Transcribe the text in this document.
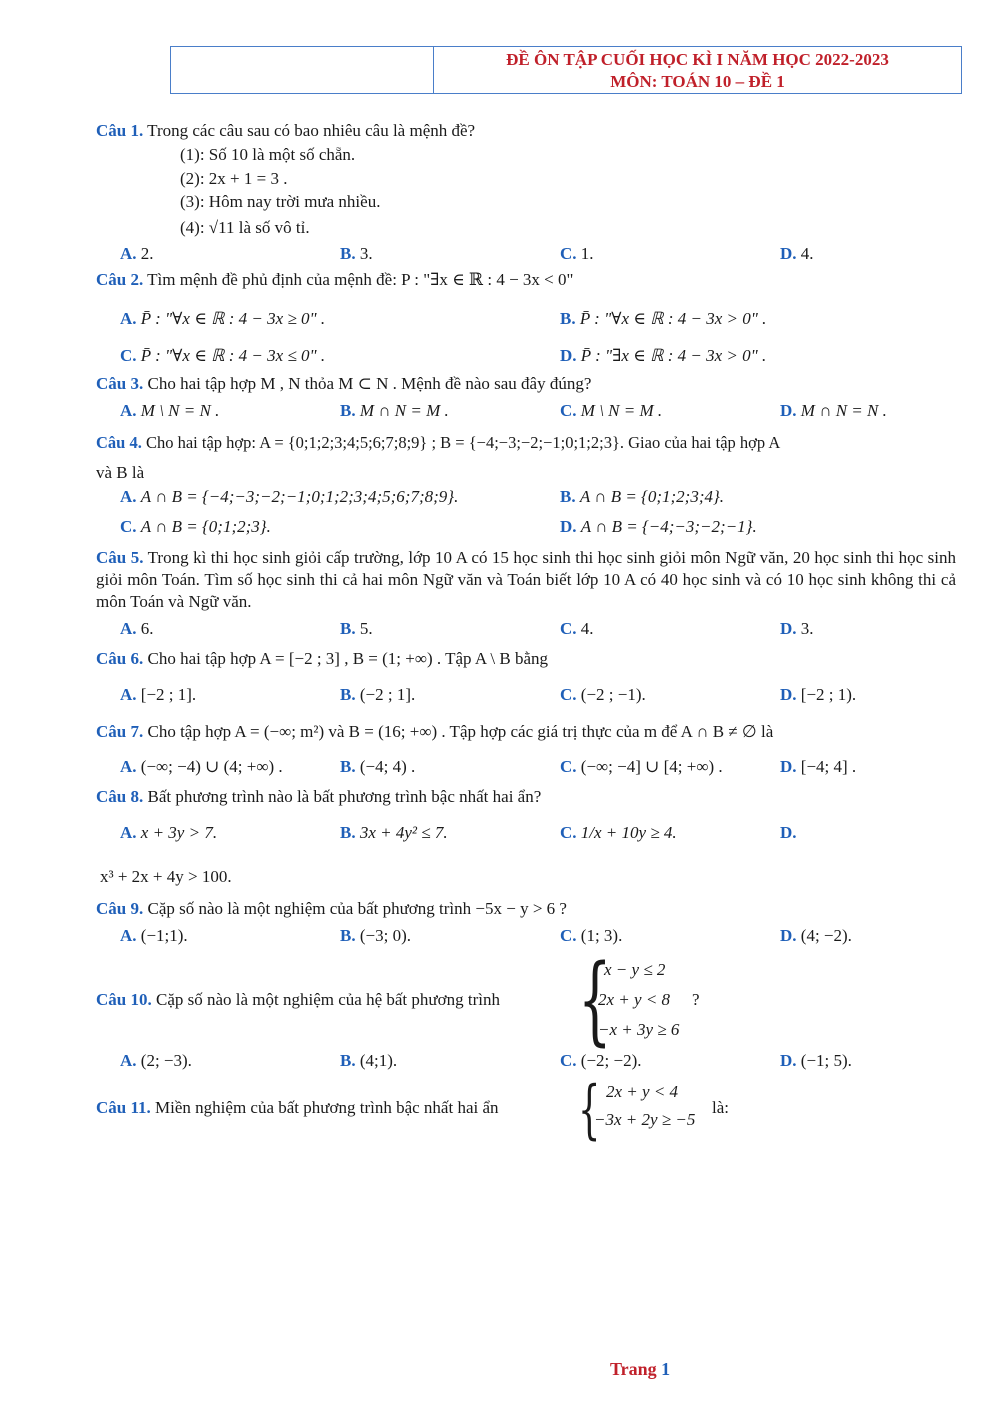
ĐỀ ÔN TẬP CUỐI HỌC KÌ I NĂM HỌC 2022-2023
MÔN: TOÁN 10 – ĐỀ 1
Câu 1. Trong các câu sau có bao nhiêu câu là mệnh đề?
(1): Số 10 là một số chẵn.
(2): 2x + 1 = 3 .
(3): Hôm nay trời mưa nhiều.
(4): √11 là số vô tỉ.
A. 2.	B. 3.	C. 1.	D. 4.
Câu 2. Tìm mệnh đề phủ định của mệnh đề: P : "∃x ∈ ℝ : 4 − 3x < 0"
A. P̄ : "∀x ∈ ℝ : 4 − 3x ≥ 0" .	B. P̄ : "∀x ∈ ℝ : 4 − 3x > 0" .
C. P̄ : "∀x ∈ ℝ : 4 − 3x ≤ 0" .	D. P̄ : "∃x ∈ ℝ : 4 − 3x > 0" .
Câu 3. Cho hai tập hợp M , N thỏa M ⊂ N . Mệnh đề nào sau đây đúng?
A. M \ N = N .	B. M ∩ N = M .	C. M \ N = M .	D. M ∩ N = N .
Câu 4. Cho hai tập hợp: A = {0;1;2;3;4;5;6;7;8;9} ; B = {−4;−3;−2;−1;0;1;2;3}. Giao của hai tập hợp A
và B là
A. A ∩ B = {−4;−3;−2;−1;0;1;2;3;4;5;6;7;8;9}.	B. A ∩ B = {0;1;2;3;4}.
C. A ∩ B = {0;1;2;3}.	D. A ∩ B = {−4;−3;−2;−1}.
Câu 5. Trong kì thi học sinh giỏi cấp trường, lớp 10 A có 15 học sinh thi học sinh giỏi môn Ngữ văn, 20 học sinh thi học sinh giỏi môn Toán. Tìm số học sinh thi cả hai môn Ngữ văn và Toán biết lớp 10 A có 40 học sinh và có 10 học sinh không thi cả môn Toán và Ngữ văn.
A. 6.	B. 5.	C. 4.	D. 3.
Câu 6. Cho hai tập hợp A = [−2 ; 3] , B = (1; +∞) . Tập A \ B bằng
A. [−2 ; 1].	B. (−2 ; 1].	C. (−2 ; −1).	D. [−2 ; 1).
Câu 7. Cho tập hợp A = (−∞; m²) và B = (16; +∞) . Tập hợp các giá trị thực của m để A ∩ B ≠ ∅ là
A. (−∞; −4) ∪ (4; +∞) .	B. (−4; 4) .	C. (−∞; −4] ∪ [4; +∞) .	D. [−4; 4] .
Câu 8. Bất phương trình nào là bất phương trình bậc nhất hai ẩn?
A. x + 3y > 7.	B. 3x + 4y² ≤ 7.	C. 1/x + 10y ≥ 4.	D.
x³ + 2x + 4y > 100.
Câu 9. Cặp số nào là một nghiệm của bất phương trình −5x − y > 6 ?
A. (−1;1).	B. (−3; 0).	C. (1; 3).	D. (4; −2).
Câu 10. Cặp số nào là một nghiệm của hệ bất phương trình {
x − y ≤ 2
2x + y < 8
−x + 3y ≥ 6
?
A. (2; −3).	B. (4;1).	C. (−2; −2).	D. (−1; 5).
Câu 11. Miền nghiệm của bất phương trình bậc nhất hai ẩn { 2x + y < 4
−3x + 2y ≥ −5
là:
Trang 1
